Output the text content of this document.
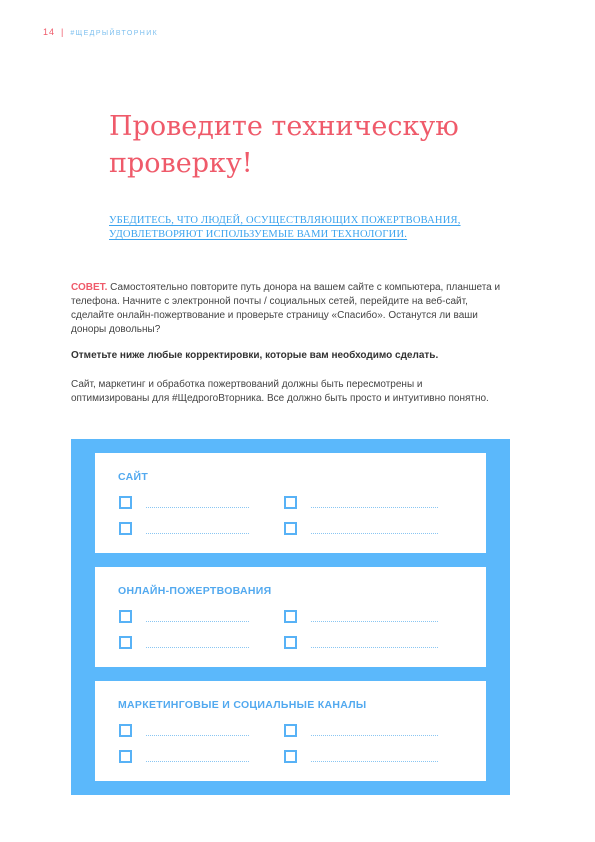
14 | #ЩЕДРЫЙВТОРНИК
Проведите техническую проверку!

УБЕДИТЕСЬ, ЧТО ЛЮДЕЙ, ОСУЩЕСТВЛЯЮЩИХ ПОЖЕРТВОВАНИЯ, УДОВЛЕТВОРЯЮТ ИСПОЛЬЗУЕМЫЕ ВАМИ ТЕХНОЛОГИИ.

СОВЕТ. Самостоятельно повторите путь донора на вашем сайте с компьютера, планшета и телефона. Начните с электронной почты / социальных сетей, перейдите на веб-сайт, сделайте онлайн-пожертвование и проверьте страницу «Спасибо». Останутся ли ваши доноры довольны?

Отметьте ниже любые корректировки, которые вам необходимо сделать.

Сайт, маркетинг и обработка пожертвований должны быть пересмотрены и оптимизированы для #ЩедрогоВторника. Все должно быть просто и интуитивно понятно.

САЙТ
ОНЛАЙН-ПОЖЕРТВОВАНИЯ
МАРКЕТИНГОВЫЕ И СОЦИАЛЬНЫЕ КАНАЛЫ
